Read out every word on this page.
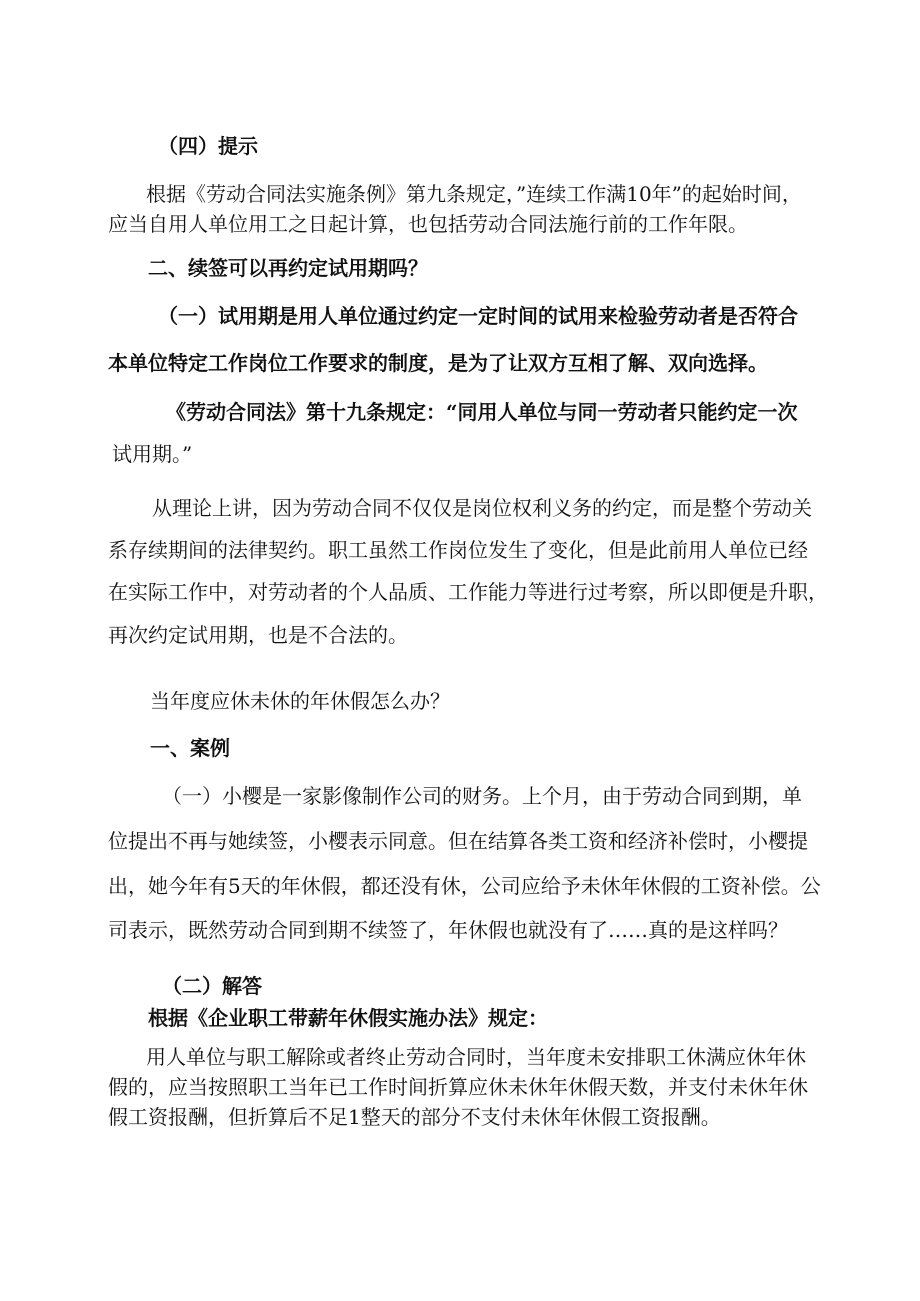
（四）提示
根据《劳动合同法实施条例》第九条规定，”连续工作满10年”的起始时间，
应当自用人单位用工之日起计算，也包括劳动合同法施行前的工作年限。
二、续签可以再约定试用期吗？
（一）试用期是用人单位通过约定一定时间的试用来检验劳动者是否符合
本单位特定工作岗位工作要求的制度，是为了让双方互相了解、双向选择。
《劳动合同法》第十九条规定：“同用人单位与同一劳动者只能约定一次
试用期。”
从理论上讲，因为劳动合同不仅仅是岗位权利义务的约定，而是整个劳动关
系存续期间的法律契约。职工虽然工作岗位发生了变化，但是此前用人单位已经
在实际工作中，对劳动者的个人品质、工作能力等进行过考察，所以即便是升职，
再次约定试用期，也是不合法的。
当年度应休未休的年休假怎么办？
一、案例
（一）小樱是一家影像制作公司的财务。上个月，由于劳动合同到期，单
位提出不再与她续签，小樱表示同意。但在结算各类工资和经济补偿时，小樱提
出，她今年有5天的年休假，都还没有休，公司应给予未休年休假的工资补偿。公
司表示，既然劳动合同到期不续签了，年休假也就没有了……真的是这样吗？
（二）解答
根据《企业职工带薪年休假实施办法》规定：
用人单位与职工解除或者终止劳动合同时，当年度未安排职工休满应休年休
假的，应当按照职工当年已工作时间折算应休未休年休假天数，并支付未休年休
假工资报酬，但折算后不足1整天的部分不支付未休年休假工资报酬。
